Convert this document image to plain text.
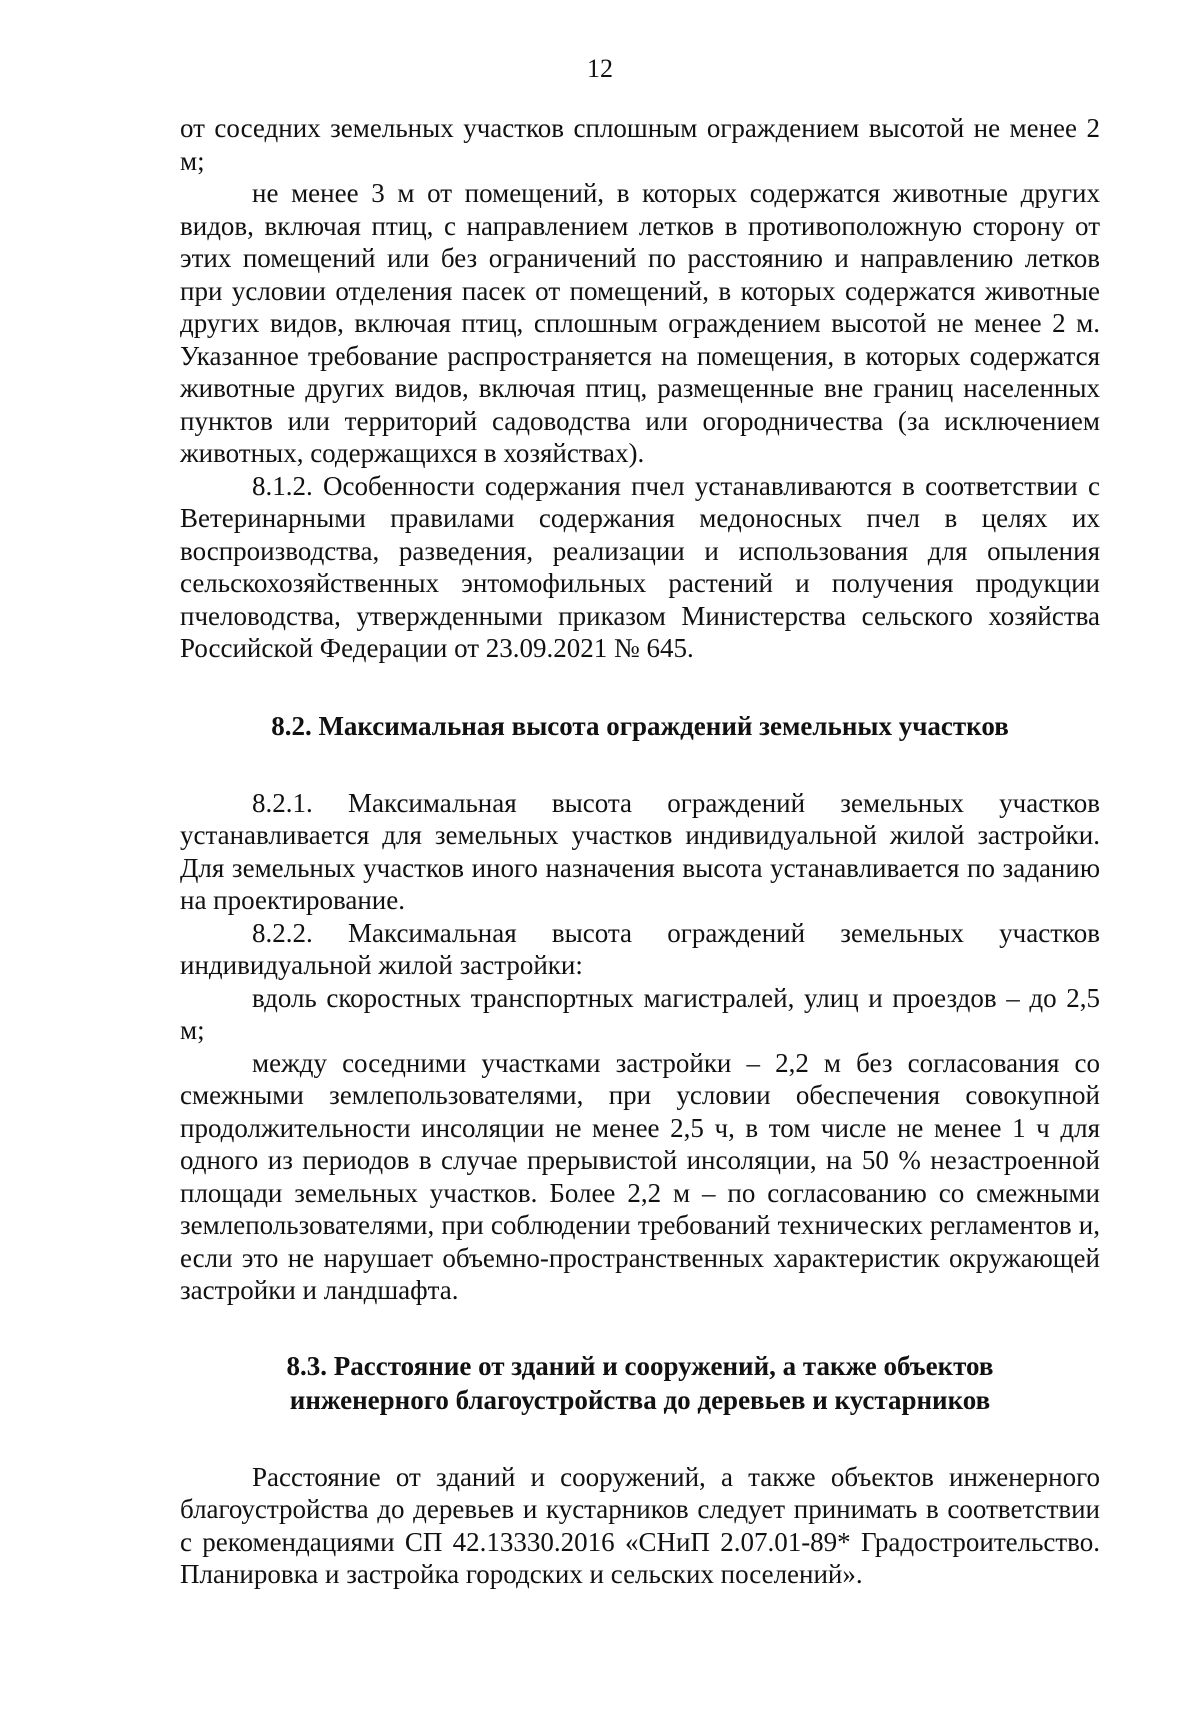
12

от соседних земельных участков сплошным ограждением высотой не менее 2 м;

не менее 3 м от помещений, в которых содержатся животные других видов, включая птиц, с направлением летков в противоположную сторону от этих помещений или без ограничений по расстоянию и направлению летков при условии отделения пасек от помещений, в которых содержатся животные других видов, включая птиц, сплошным ограждением высотой не менее 2 м. Указанное требование распространяется на помещения, в которых содержатся животные других видов, включая птиц, размещенные вне границ населенных пунктов или территорий садоводства или огородничества (за исключением животных, содержащихся в хозяйствах).

8.1.2. Особенности содержания пчел устанавливаются в соответствии с Ветеринарными правилами содержания медоносных пчел в целях их воспроизводства, разведения, реализации и использования для опыления сельскохозяйственных энтомофильных растений и получения продукции пчеловодства, утвержденными приказом Министерства сельского хозяйства Российской Федерации от 23.09.2021 № 645.

8.2. Максимальная высота ограждений земельных участков

8.2.1. Максимальная высота ограждений земельных участков устанавливается для земельных участков индивидуальной жилой застройки. Для земельных участков иного назначения высота устанавливается по заданию на проектирование.

8.2.2. Максимальная высота ограждений земельных участков индивидуальной жилой застройки:

вдоль скоростных транспортных магистралей, улиц и проездов – до 2,5 м;

между соседними участками застройки – 2,2 м без согласования со смежными землепользователями, при условии обеспечения совокупной продолжительности инсоляции не менее 2,5 ч, в том числе не менее 1 ч для одного из периодов в случае прерывистой инсоляции, на 50 % незастроенной площади земельных участков. Более 2,2 м – по согласованию со смежными землепользователями, при соблюдении требований технических регламентов и, если это не нарушает объемно-пространственных характеристик окружающей застройки и ландшафта.

8.3. Расстояние от зданий и сооружений, а также объектов инженерного благоустройства до деревьев и кустарников

Расстояние от зданий и сооружений, а также объектов инженерного благоустройства до деревьев и кустарников следует принимать в соответствии с рекомендациями СП 42.13330.2016 «СНиП 2.07.01-89* Градостроительство. Планировка и застройка городских и сельских поселений».
